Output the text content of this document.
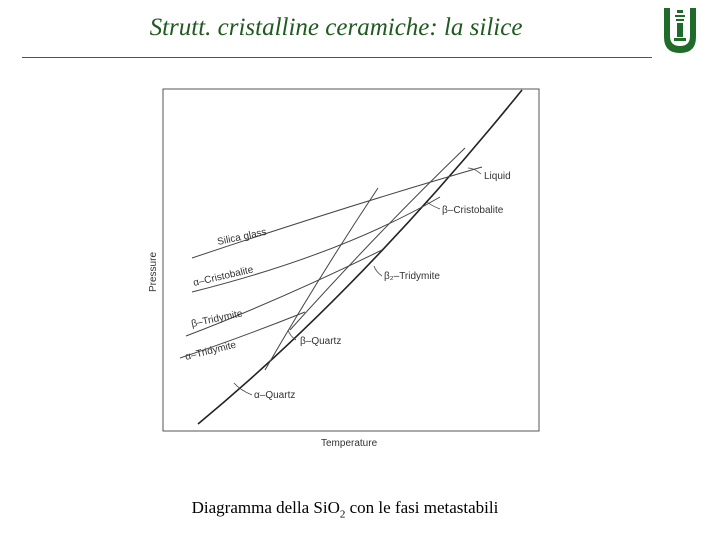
Strutt. cristalline ceramiche: la silice
Liquid
β–Cristobalite
Silica glass
α–Cristobalite	β₂–Tridymite
β–Tridymite
β–Quartz
α–Tridymite
α–Quartz
Pressure
Temperature
Diagramma della SiO$_2$ con le fasi metastabili
